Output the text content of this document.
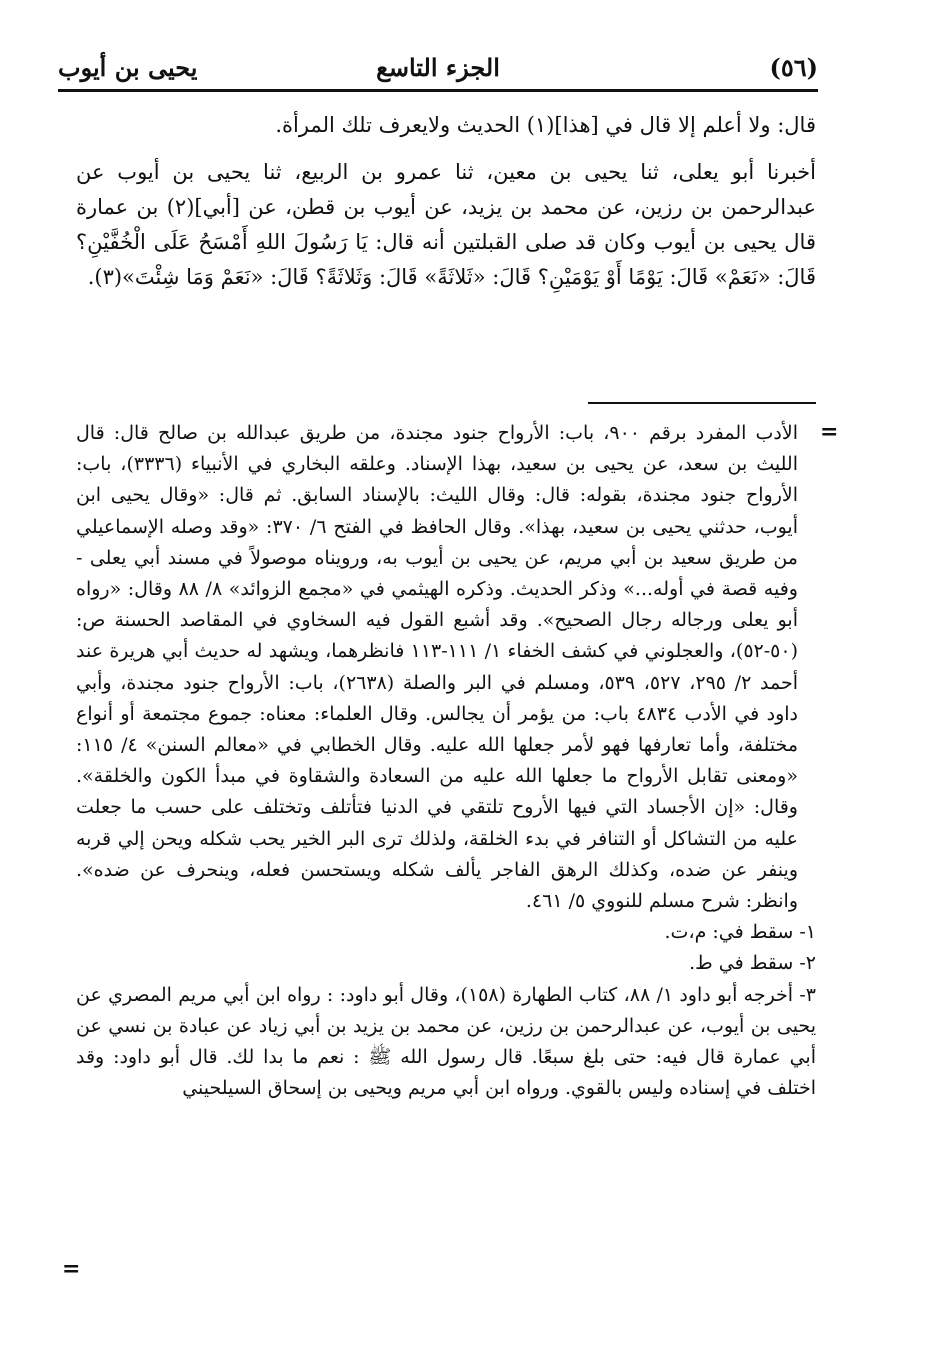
(٥٦)
الجزء التاسع
يحيى بن أيوب

قال: ولا أعلم إلا قال في [هذا](١) الحديث ولايعرف تلك المرأة.

أخبرنا أبو يعلى، ثنا يحيى بن معين، ثنا عمرو بن الربيع، ثنا يحيى بن أيوب عن عبدالرحمن بن رزين، عن محمد بن يزيد، عن أيوب بن قطن، عن [أبي](٢) بن عمارة قال يحيى بن أيوب وكان قد صلى القبلتين أنه قال: يَا رَسُولَ اللهِ أَمْسَحُ عَلَى الْخُفَّيْنِ؟ قَالَ: «نَعَمْ» قَالَ: يَوْمًا أَوْ يَوْمَيْنِ؟ قَالَ: «ثَلاثَةً» قَالَ: وَثَلاثَةً؟ قَالَ: «نَعَمْ وَمَا شِئْتَ»(٣).

=

الأدب المفرد برقم ٩٠٠، باب: الأرواح جنود مجندة، من طريق عبدالله بن صالح قال: قال الليث بن سعد، عن يحيى بن سعيد، بهذا الإسناد. وعلقه البخاري في الأنبياء (٣٣٣٦)، باب: الأرواح جنود مجندة، بقوله: قال: وقال الليث: بالإسناد السابق. ثم قال: «وقال يحيى ابن أيوب، حدثني يحيى بن سعيد، بهذا». وقال الحافظ في الفتح ٦/ ٣٧٠: «وقد وصله الإسماعيلي من طريق سعيد بن أبي مريم، عن يحيى بن أيوب به، ورويناه موصولاً في مسند أبي يعلى - وفيه قصة في أوله...» وذكر الحديث. وذكره الهيثمي في «مجمع الزوائد» ٨/ ٨٨ وقال: «رواه أبو يعلى ورجاله رجال الصحيح». وقد أشبع القول فيه السخاوي في المقاصد الحسنة ص: (٥٠-٥٢)، والعجلوني في كشف الخفاء ١/ ١١١-١١٣ فانظرهما، ويشهد له حديث أبي هريرة عند أحمد ٢/ ٢٩٥، ٥٢٧، ٥٣٩، ومسلم في البر والصلة (٢٦٣٨)، باب: الأرواح جنود مجندة، وأبي داود في الأدب ٤٨٣٤ باب: من يؤمر أن يجالس. وقال العلماء: معناه: جموع مجتمعة أو أنواع مختلفة، وأما تعارفها فهو لأمر جعلها الله عليه. وقال الخطابي في «معالم السنن» ٤/ ١١٥: «ومعنى تقابل الأرواح ما جعلها الله عليه من السعادة والشقاوة في مبدأ الكون والخلقة». وقال: «إن الأجساد التي فيها الأروح تلتقي في الدنيا فتأتلف وتختلف على حسب ما جعلت عليه من التشاكل أو التنافر في بدء الخلقة، ولذلك ترى البر الخير يحب شكله ويحن إلي قربه وينفر عن ضده، وكذلك الرهق الفاجر يألف شكله ويستحسن فعله، وينحرف عن ضده». وانظر: شرح مسلم للنووي ٥/ ٤٦١.

١- سقط في: م،ت.

٢- سقط في ط.

٣- أخرجه أبو داود ١/ ٨٨، كتاب الطهارة (١٥٨)، وقال أبو داود: : رواه ابن أبي مريم المصري عن يحيى بن أيوب، عن عبدالرحمن بن رزين، عن محمد بن يزيد بن أبي زياد عن عبادة بن نسي عن أبي عمارة قال فيه: حتى بلغ سبعًا. قال رسول الله ﷺ : نعم ما بدا لك. قال أبو داود: وقد اختلف في إسناده وليس بالقوي. ورواه ابن أبي مريم ويحيى بن إسحاق السيلحيني

=
